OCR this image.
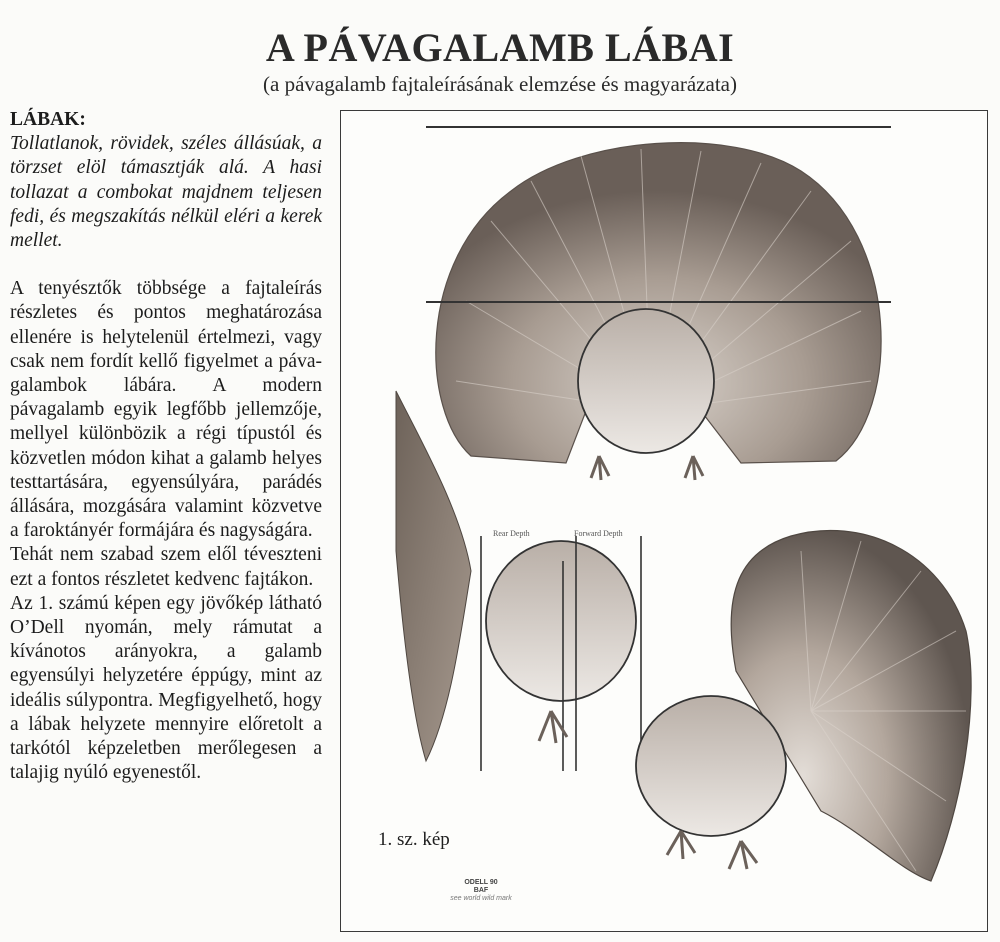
A PÁVAGALAMB LÁBAI
(a pávagalamb fajtaleírásának elemzése és magyarázata)
LÁBAK:

Tollatlanok, rövidek, széles állásúak, a törzset elöl támasztják alá. A hasi tollazat a combokat majdnem teljesen fedi, és megszakítás nélkül eléri a kerek mellet.

A tenyésztők többsége a fajtaleírás részletes és pontos meghatározása ellenére is helytelenül értelmezi, vagy csak nem fordít kellő figyelmet a pávagalambok lábára. A modern pávagalamb egyik legfőbb jellemzője, mellyel különbözik a régi típustól és közvetlen módon kihat a galamb helyes testtartására, egyensúlyára, parádés állására, mozgására valamint közvetve a faroktányér formájára és nagyságára.

Tehát nem szabad szem elől téveszteni ezt a fontos részletet kedvenc fajtákon.

Az 1. számú képen egy jövőkép látható O’Dell nyomán, mely rámutat a kívánotos arányokra, a galamb egyensúlyi helyzetére éppúgy, mint az ideális súlypontra. Megfigyelhető, hogy a lábak helyzete mennyire előretolt a tarkótól képzeletben merőlegesen a talajig nyúló egyenestől.

Rear Depth	Forward Depth
1. sz. kép
ODELL 90
BAF
see world wild mark
